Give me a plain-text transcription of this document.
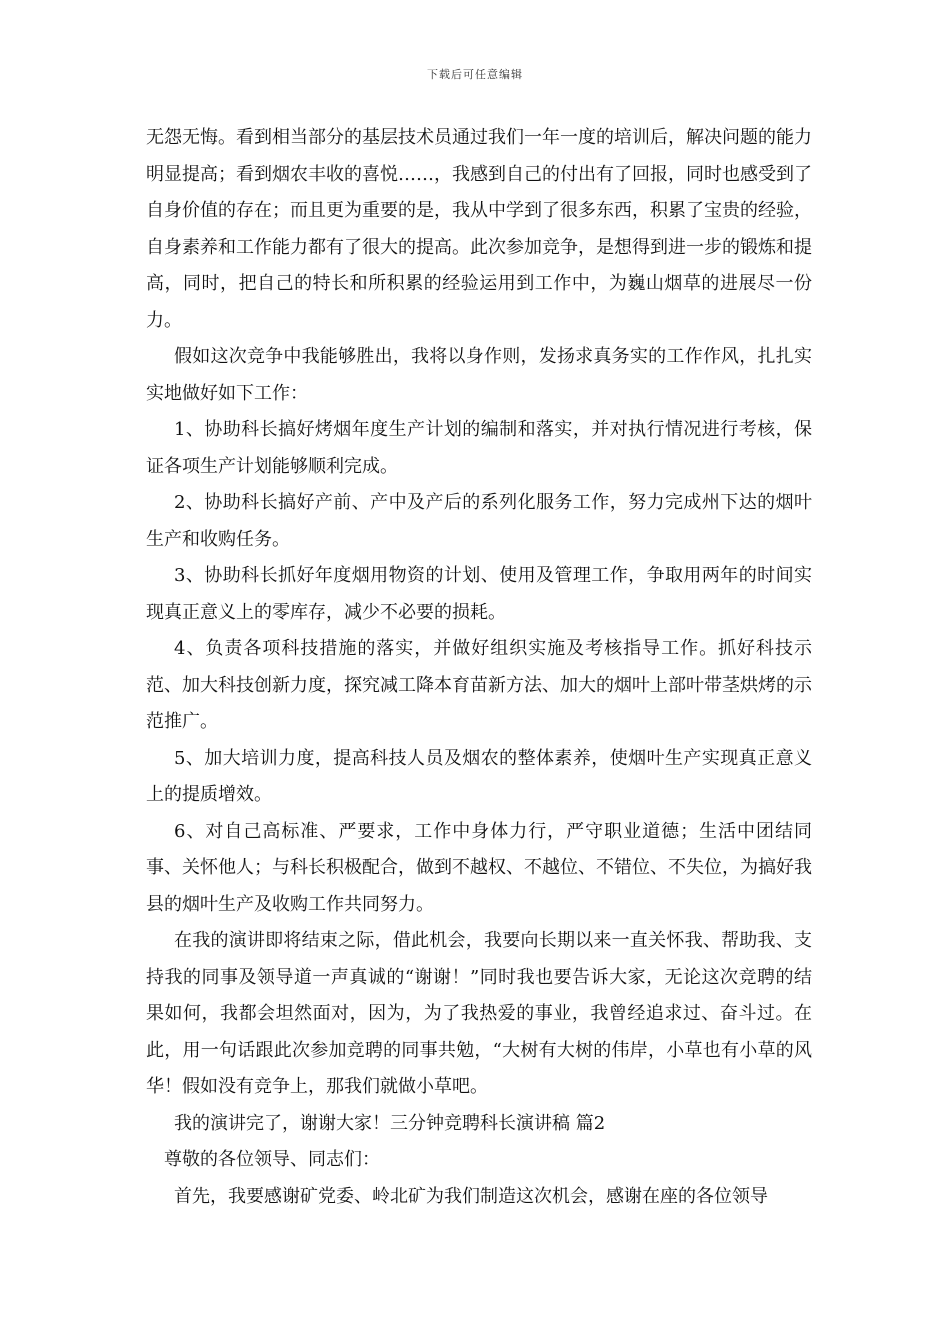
下载后可任意编辑

无怨无悔。看到相当部分的基层技术员通过我们一年一度的培训后，解决问题的能力明显提高；看到烟农丰收的喜悦……，我感到自己的付出有了回报，同时也感受到了自身价值的存在；而且更为重要的是，我从中学到了很多东西，积累了宝贵的经验，自身素养和工作能力都有了很大的提高。此次参加竞争，是想得到进一步的锻炼和提高，同时，把自己的特长和所积累的经验运用到工作中，为巍山烟草的进展尽一份力。

假如这次竞争中我能够胜出，我将以身作则，发扬求真务实的工作作风，扎扎实实地做好如下工作：

1、协助科长搞好烤烟年度生产计划的编制和落实，并对执行情况进行考核，保证各项生产计划能够顺利完成。

2、协助科长搞好产前、产中及产后的系列化服务工作，努力完成州下达的烟叶生产和收购任务。

3、协助科长抓好年度烟用物资的计划、使用及管理工作，争取用两年的时间实现真正意义上的零库存，减少不必要的损耗。

4、负责各项科技措施的落实，并做好组织实施及考核指导工作。抓好科技示范、加大科技创新力度，探究减工降本育苗新方法、加大的烟叶上部叶带茎烘烤的示范推广。

5、加大培训力度，提高科技人员及烟农的整体素养，使烟叶生产实现真正意义上的提质增效。

6、对自己高标准、严要求，工作中身体力行，严守职业道德；生活中团结同事、关怀他人；与科长积极配合，做到不越权、不越位、不错位、不失位，为搞好我县的烟叶生产及收购工作共同努力。

在我的演讲即将结束之际，借此机会，我要向长期以来一直关怀我、帮助我、支持我的同事及领导道一声真诚的“谢谢！”同时我也要告诉大家，无论这次竞聘的结果如何，我都会坦然面对，因为，为了我热爱的事业，我曾经追求过、奋斗过。在此，用一句话跟此次参加竞聘的同事共勉，“大树有大树的伟岸，小草也有小草的风华！假如没有竞争上，那我们就做小草吧。

我的演讲完了，谢谢大家！三分钟竞聘科长演讲稿 篇2

尊敬的各位领导、同志们：

首先，我要感谢矿党委、岭北矿为我们制造这次机会，感谢在座的各位领导
